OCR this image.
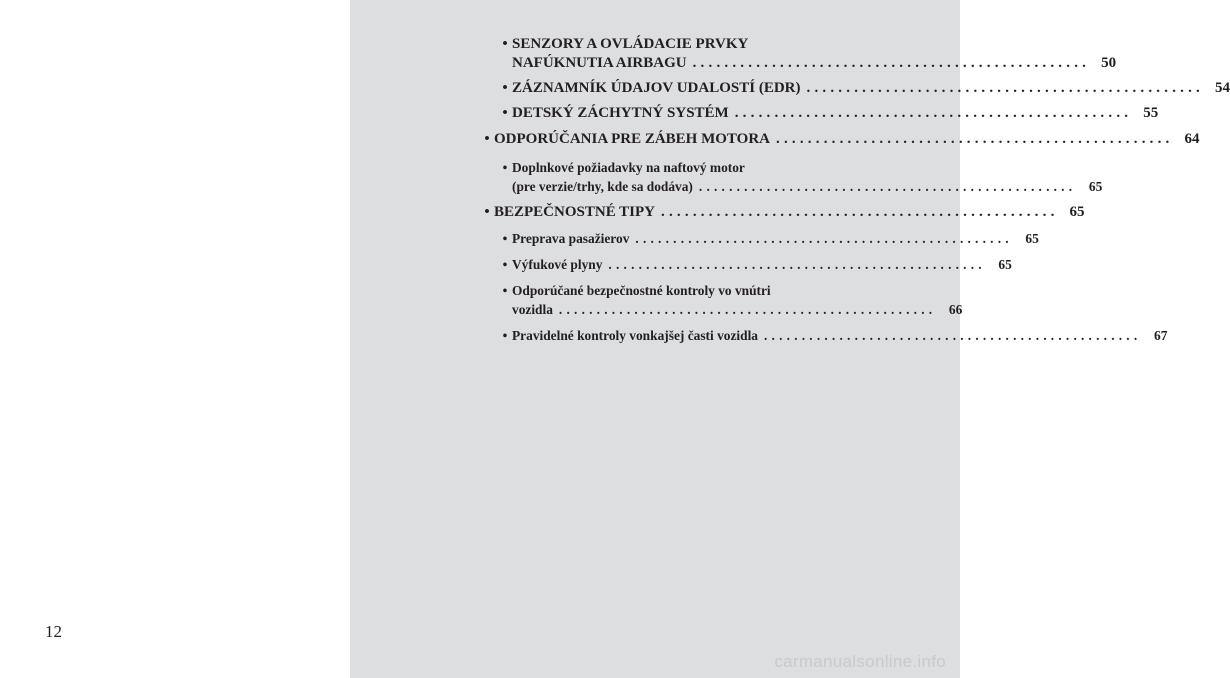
12
• SENZORY A OVLÁDACIE PRVKY
NAFÚKNUTIA AIRBAGU .................................................. 50
• ZÁZNAMNÍK ÚDAJOV UDALOSTÍ (EDR) .................................................. 54
• DETSKÝ ZÁCHYTNÝ SYSTÉM .................................................. 55
• ODPORÚČANIA PRE ZÁBEH MOTORA .................................................. 64
• Doplnkové požiadavky na naftový motor
(pre verzie/trhy, kde sa dodáva) .................................................. 65
• BEZPEČNOSTNÉ TIPY .................................................. 65
• Preprava pasažierov .................................................. 65
• Výfukové plyny .................................................. 65
• Odporúčané bezpečnostné kontroly vo vnútri
vozidla .................................................. 66
• Pravidelné kontroly vonkajšej časti vozidla .................................................. 67
carmanualsonline.info
